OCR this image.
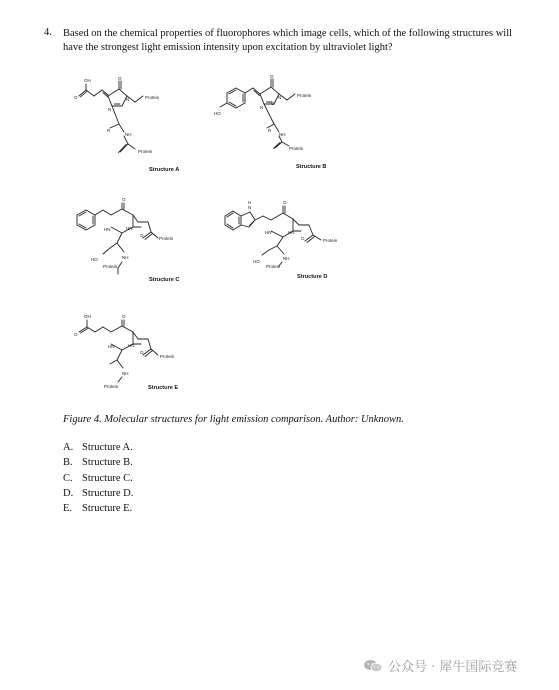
4. Based on the chemical properties of fluorophores which image cells, which of the following structures will have the strongest light emission intensity upon excitation by ultraviolet light?
OH
O
O
N
N	Protein
R
NH
Protein
Structure A
HO
O
O
N
N	Protein
R
NH
Protein
Structure B
O
HN	HN
O
Protein
HO	NH
Protein
Structure C
H
N
O
HN	HN
O	Protein
HO
NH
Protein
Structure D
OH
O
O
HN	HN
O
Protein
NH
Protein	Structure E
Figure 4. Molecular structures for light emission comparison. Author: Unknown.
A. Structure A.
B. Structure B.
C. Structure C.
D. Structure D.
E. Structure E.
公众号 · 犀牛国际竞赛
